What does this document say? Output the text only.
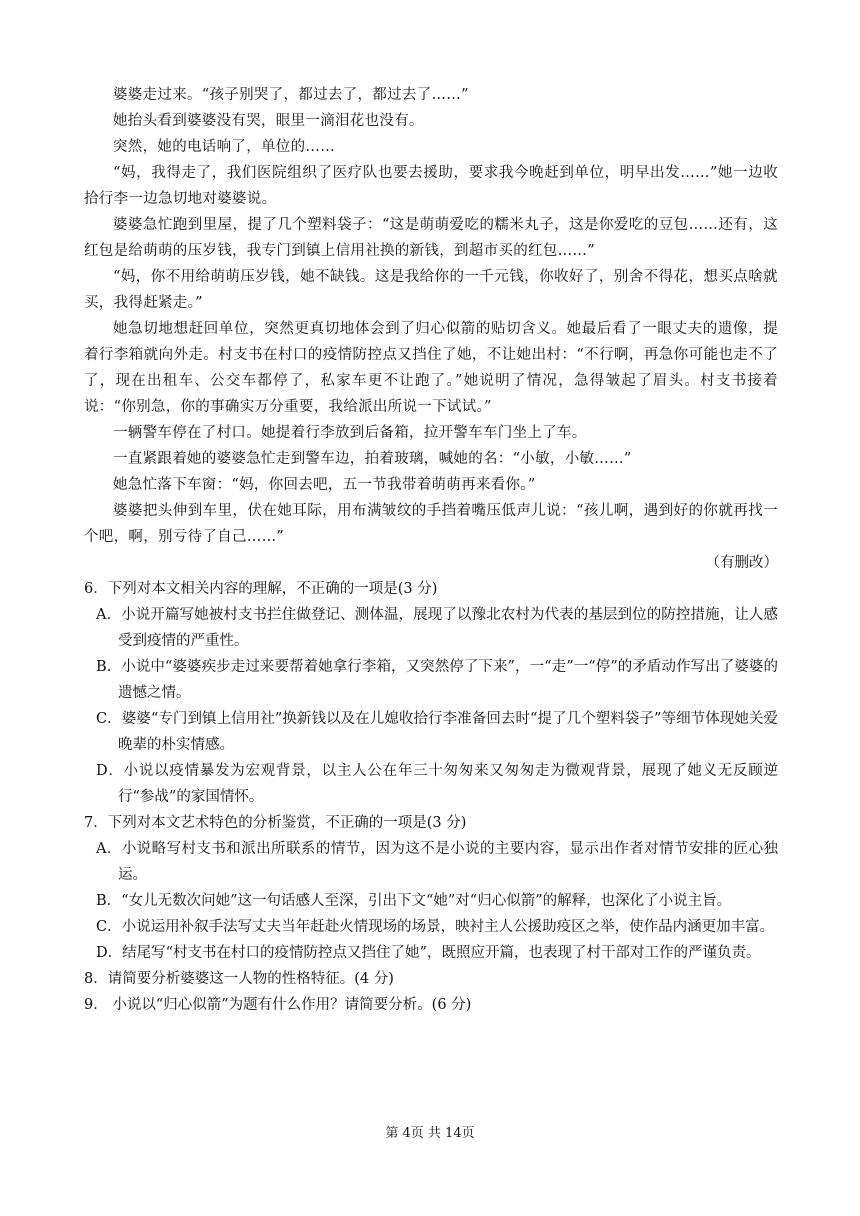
婆婆走过来。“孩子别哭了，都过去了，都过去了……”

她抬头看到婆婆没有哭，眼里一滴泪花也没有。

突然，她的电话响了，单位的……

“妈，我得走了，我们医院组织了医疗队也要去援助，要求我今晚赶到单位，明早出发……”她一边收拾行李一边急切地对婆婆说。

婆婆急忙跑到里屋，提了几个塑料袋子：“这是萌萌爱吃的糯米丸子，这是你爱吃的豆包……还有，这红包是给萌萌的压岁钱，我专门到镇上信用社换的新钱，到超市买的红包……”

“妈，你不用给萌萌压岁钱，她不缺钱。这是我给你的一千元钱，你收好了，别舍不得花，想买点啥就买，我得赶紧走。”

她急切地想赶回单位，突然更真切地体会到了归心似箭的贴切含义。她最后看了一眼丈夫的遗像，提着行李箱就向外走。村支书在村口的疫情防控点又挡住了她，不让她出村：“不行啊，再急你可能也走不了了，现在出租车、公交车都停了，私家车更不让跑了。”她说明了情况，急得皱起了眉头。村支书接着说：“你别急，你的事确实万分重要，我给派出所说一下试试。”

一辆警车停在了村口。她提着行李放到后备箱，拉开警车车门坐上了车。

一直紧跟着她的婆婆急忙走到警车边，拍着玻璃，喊她的名：“小敏，小敏……”

她急忙落下车窗：“妈，你回去吧，五一节我带着萌萌再来看你。”

婆婆把头伸到车里，伏在她耳际，用布满皱纹的手挡着嘴压低声儿说：“孩儿啊，遇到好的你就再找一个吧，啊，别亏待了自己……”

（有删改）

6．下列对本文相关内容的理解，不正确的一项是(3 分)

A．小说开篇写她被村支书拦住做登记、测体温，展现了以豫北农村为代表的基层到位的防控措施，让人感受到疫情的严重性。

B．小说中“婆婆疾步走过来要帮着她拿行李箱，又突然停了下来”，一“走”一“停”的矛盾动作写出了婆婆的遗憾之情。

C．婆婆“专门到镇上信用社”换新钱以及在儿媳收拾行李准备回去时“提了几个塑料袋子”等细节体现她关爱晚辈的朴实情感。

D．小说以疫情暴发为宏观背景，以主人公在年三十匆匆来又匆匆走为微观背景，展现了她义无反顾逆行“参战”的家国情怀。

7．下列对本文艺术特色的分析鉴赏，不正确的一项是(3 分)

A．小说略写村支书和派出所联系的情节，因为这不是小说的主要内容，显示出作者对情节安排的匠心独运。

B．“女儿无数次问她”这一句话感人至深，引出下文“她”对“归心似箭”的解释，也深化了小说主旨。

C．小说运用补叙手法写丈夫当年赶赴火情现场的场景，映衬主人公援助疫区之举，使作品内涵更加丰富。

D．结尾写“村支书在村口的疫情防控点又挡住了她”，既照应开篇，也表现了村干部对工作的严谨负责。

8．请简要分析婆婆这一人物的性格特征。(4 分)

9． 小说以“归心似箭”为题有什么作用？请简要分析。(6 分)

第 4页 共 14页
